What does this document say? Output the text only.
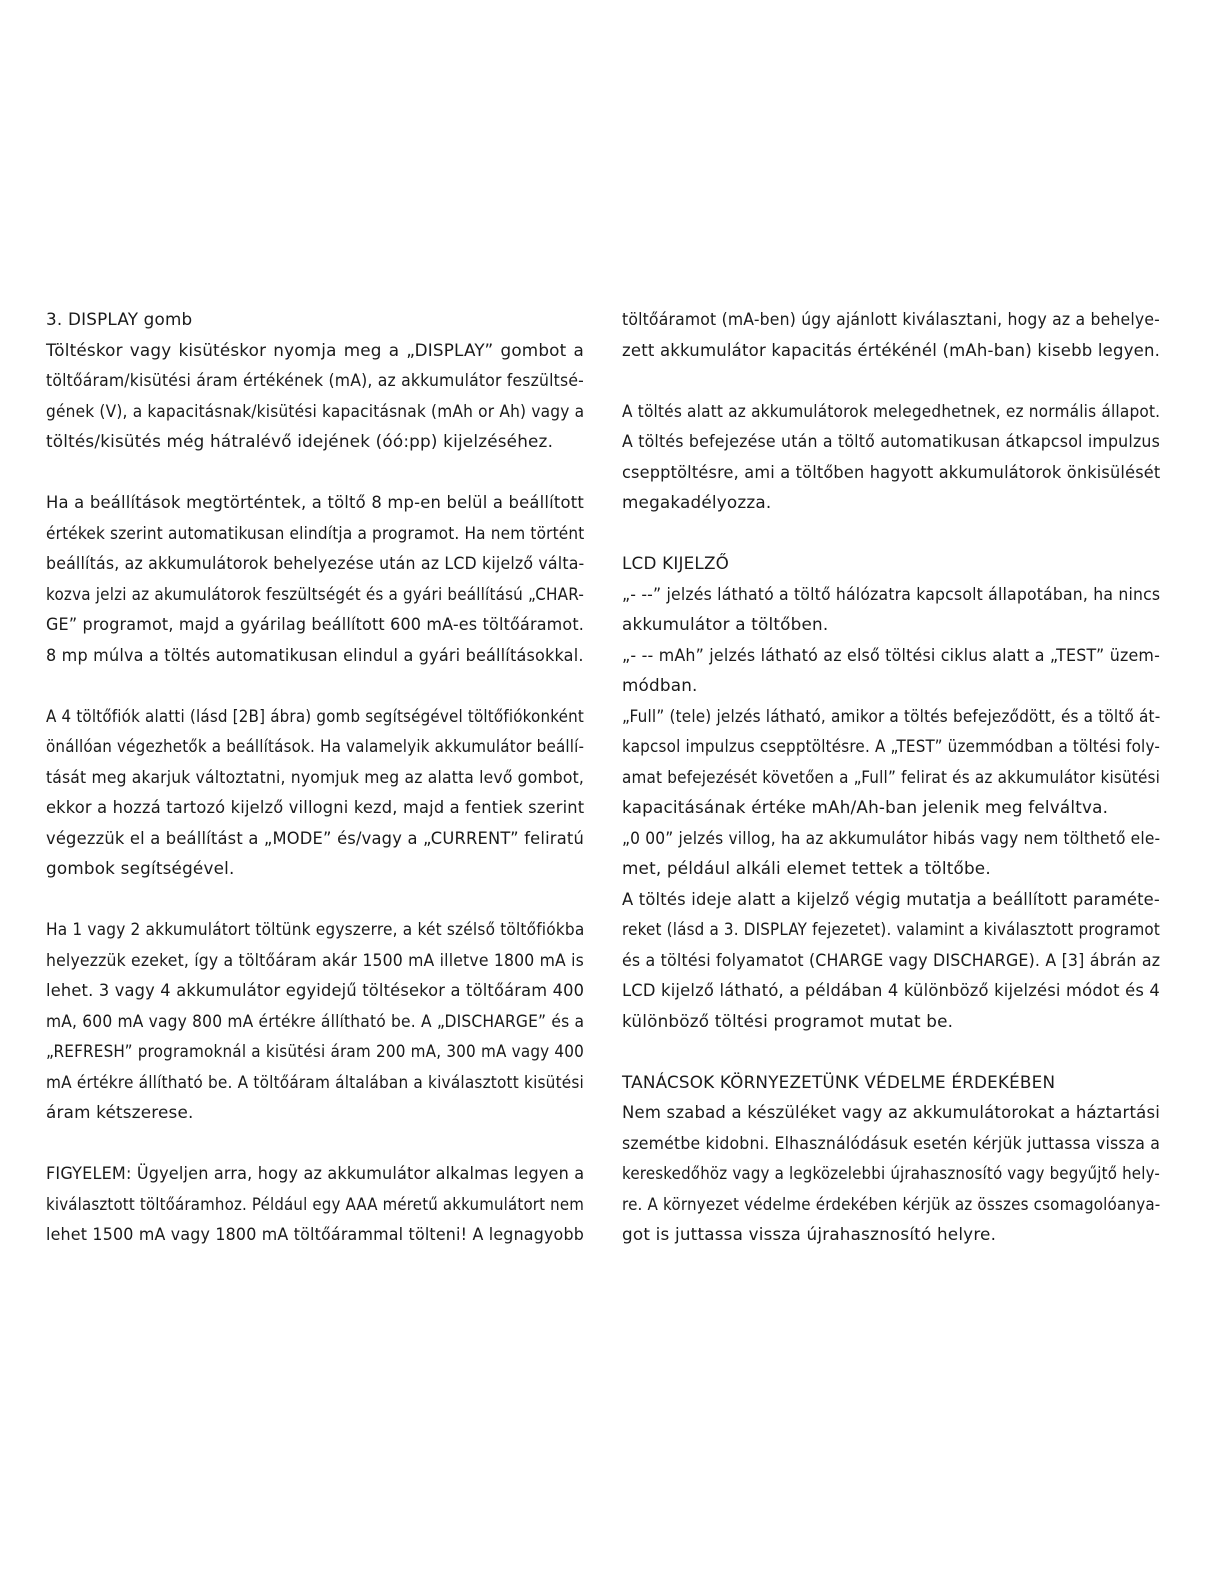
3. DISPLAY gomb
Töltéskor vagy kisütéskor nyomja meg a „DISPLAY” gombot a
töltőáram/kisütési áram értékének (mA), az akkumulátor feszültsé-
gének (V), a kapacitásnak/kisütési kapacitásnak (mAh or Ah) vagy a
töltés/kisütés még hátralévő idejének (óó:pp) kijelzéséhez.
Ha a beállítások megtörténtek, a töltő 8 mp-en belül a beállított
értékek szerint automatikusan elindítja a programot. Ha nem történt
beállítás, az akkumulátorok behelyezése után az LCD kijelző válta-
kozva jelzi az akumulátorok feszültségét és a gyári beállítású „CHAR-
GE” programot, majd a gyárilag beállított 600 mA-es töltőáramot.
8 mp múlva a töltés automatikusan elindul a gyári beállításokkal.
A 4 töltőfiók alatti (lásd [2B] ábra) gomb segítségével töltőfiókonként
önállóan végezhetők a beállítások. Ha valamelyik akkumulátor beállí-
tását meg akarjuk változtatni, nyomjuk meg az alatta levő gombot,
ekkor a hozzá tartozó kijelző villogni kezd, majd a fentiek szerint
végezzük el a beállítást a „MODE” és/vagy a „CURRENT” feliratú
gombok segítségével.
Ha 1 vagy 2 akkumulátort töltünk egyszerre, a két szélső töltőfiókba
helyezzük ezeket, így a töltőáram akár 1500 mA illetve 1800 mA is
lehet. 3 vagy 4 akkumulátor egyidejű töltésekor a töltőáram 400
mA, 600 mA vagy 800 mA értékre állítható be. A „DISCHARGE” és a
„REFRESH” programoknál a kisütési áram 200 mA, 300 mA vagy 400
mA értékre állítható be. A töltőáram általában a kiválasztott kisütési
áram kétszerese.
FIGYELEM: Ügyeljen arra, hogy az akkumulátor alkalmas legyen a
kiválasztott töltőáramhoz. Például egy AAA méretű akkumulátort nem
lehet 1500 mA vagy 1800 mA töltőárammal tölteni! A legnagyobb
töltőáramot (mA-ben) úgy ajánlott kiválasztani, hogy az a behelye-
zett akkumulátor kapacitás értékénél (mAh-ban) kisebb legyen.
A töltés alatt az akkumulátorok melegedhetnek, ez normális állapot.
A töltés befejezése után a töltő automatikusan átkapcsol impulzus
csepptöltésre, ami a töltőben hagyott akkumulátorok önkisülését
megakadélyozza.
LCD KIJELZŐ
„- --” jelzés látható a töltő hálózatra kapcsolt állapotában, ha nincs
akkumulátor a töltőben.
„- -- mAh” jelzés látható az első töltési ciklus alatt a „TEST” üzem-
módban.
„Full” (tele) jelzés látható, amikor a töltés befejeződött, és a töltő át-
kapcsol impulzus csepptöltésre. A „TEST” üzemmódban a töltési foly-
amat befejezését követően a „Full” felirat és az akkumulátor kisütési
kapacitásának értéke mAh/Ah-ban jelenik meg felváltva.
„0 00” jelzés villog, ha az akkumulátor hibás vagy nem tölthető ele-
met, például alkáli elemet tettek a töltőbe.
A töltés ideje alatt a kijelző végig mutatja a beállított paraméte-
reket (lásd a 3. DISPLAY fejezetet). valamint a kiválasztott programot
és a töltési folyamatot (CHARGE vagy DISCHARGE). A [3] ábrán az
LCD kijelző látható, a példában 4 különböző kijelzési módot és 4
különböző töltési programot mutat be.
TANÁCSOK KÖRNYEZETÜNK VÉDELME ÉRDEKÉBEN
Nem szabad a készüléket vagy az akkumulátorokat a háztartási
szemétbe kidobni. Elhasználódásuk esetén kérjük juttassa vissza a
kereskedőhöz vagy a legközelebbi újrahasznosító vagy begyűjtő hely-
re. A környezet védelme érdekében kérjük az összes csomagolóanya-
got is juttassa vissza újrahasznosító helyre.
